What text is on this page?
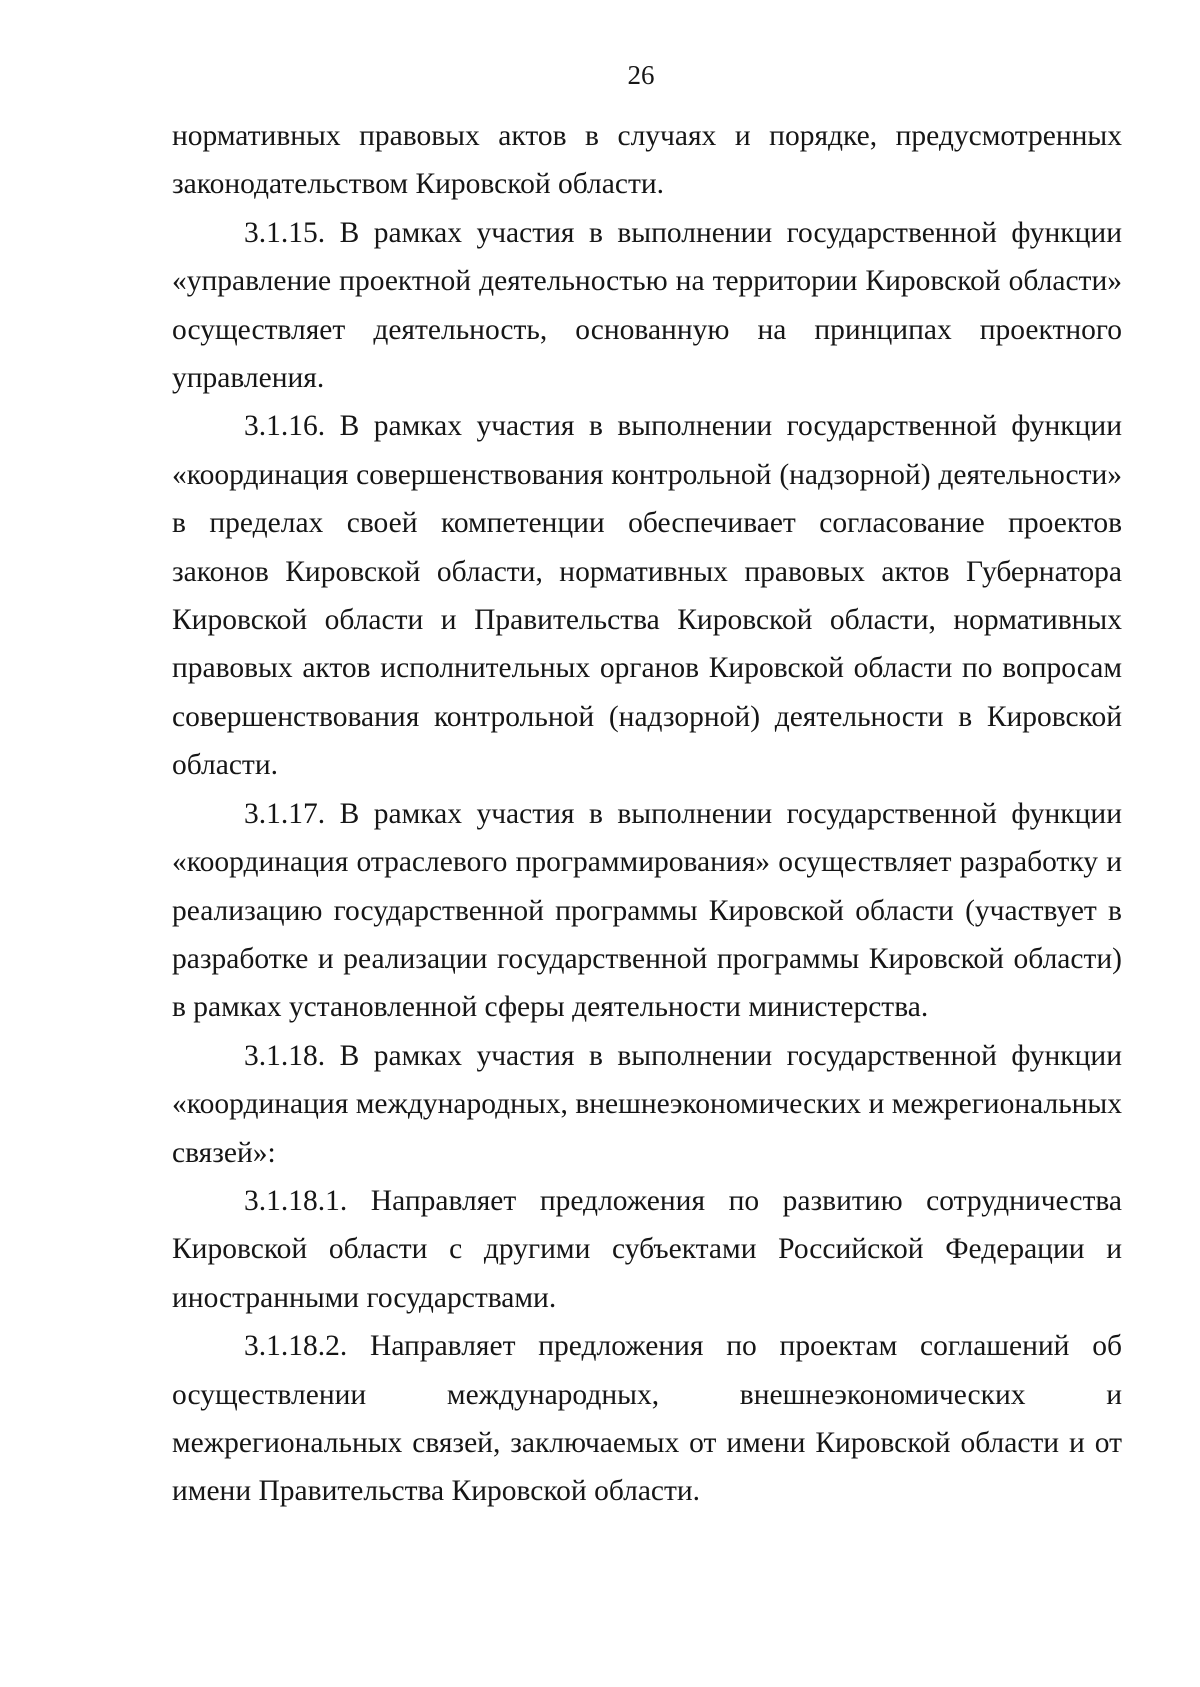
26

нормативных правовых актов в случаях и порядке, предусмотренных законодательством Кировской области.

3.1.15. В рамках участия в выполнении государственной функции «управление проектной деятельностью на территории Кировской области» осуществляет деятельность, основанную на принципах проектного управления.

3.1.16. В рамках участия в выполнении государственной функции «координация совершенствования контрольной (надзорной) деятельности» в пределах своей компетенции обеспечивает согласование проектов законов Кировской области, нормативных правовых актов Губернатора Кировской области и Правительства Кировской области, нормативных правовых актов исполнительных органов Кировской области по вопросам совершенствования контрольной (надзорной) деятельности в Кировской области.

3.1.17. В рамках участия в выполнении государственной функции «координация отраслевого программирования» осуществляет разработку и реализацию государственной программы Кировской области (участвует в разработке и реализации государственной программы Кировской области) в рамках установленной сферы деятельности министерства.

3.1.18. В рамках участия в выполнении государственной функции «координация международных, внешнеэкономических и межрегиональных связей»:

3.1.18.1. Направляет предложения по развитию сотрудничества Кировской области с другими субъектами Российской Федерации и иностранными государствами.

3.1.18.2. Направляет предложения по проектам соглашений об осуществлении международных, внешнеэкономических и межрегиональных связей, заключаемых от имени Кировской области и от имени Правительства Кировской области.
